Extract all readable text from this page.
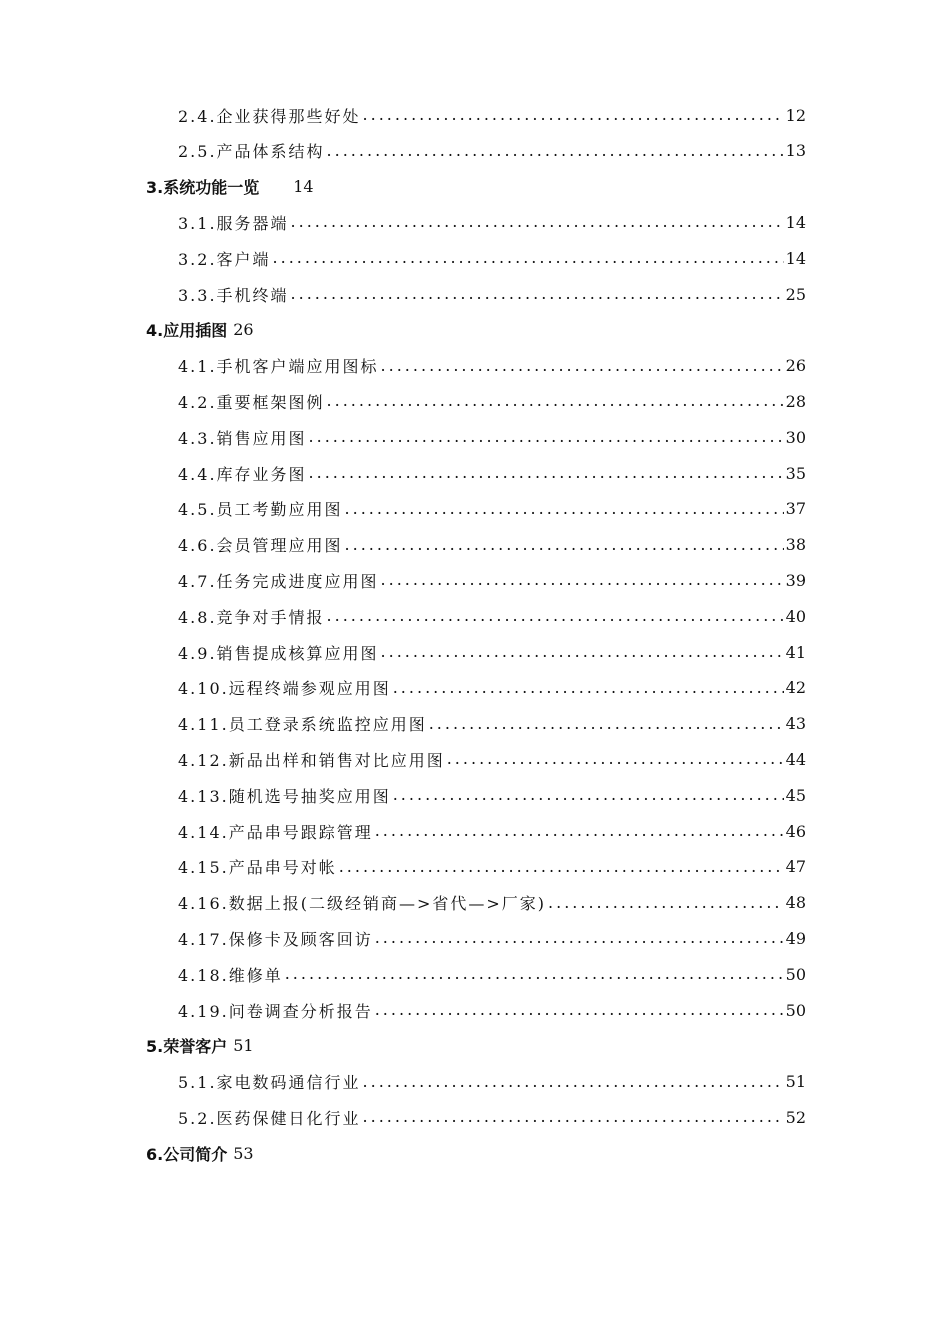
2.4.企业获得那些好处 .....	12
2.5.产品体系结构 .....	13
3.系统功能一览 14
3.1.服务器端 .....	14
3.2.客户端 .....	14
3.3.手机终端 .....	25
4.应用插图 26
4.1.手机客户端应用图标 .....	26
4.2.重要框架图例 .....	28
4.3.销售应用图 .....	30
4.4.库存业务图 .....	35
4.5.员工考勤应用图 .....	37
4.6.会员管理应用图 .....	38
4.7.任务完成进度应用图 .....	39
4.8.竞争对手情报 .....	40
4.9.销售提成核算应用图 .....	41
4.10.远程终端参观应用图 .....	42
4.11.员工登录系统监控应用图 .....	43
4.12.新品出样和销售对比应用图 .....	44
4.13.随机选号抽奖应用图 .....	45
4.14.产品串号跟踪管理 .....	46
4.15.产品串号对帐 .....	47
4.16.数据上报(二级经销商—>省代—>厂家) .....	48
4.17.保修卡及顾客回访 .....	49
4.18.维修单 .....	50
4.19.问卷调查分析报告 .....	50
5.荣誉客户 51
5.1.家电数码通信行业 .....	51
5.2.医药保健日化行业 .....	52
6.公司简介 53
